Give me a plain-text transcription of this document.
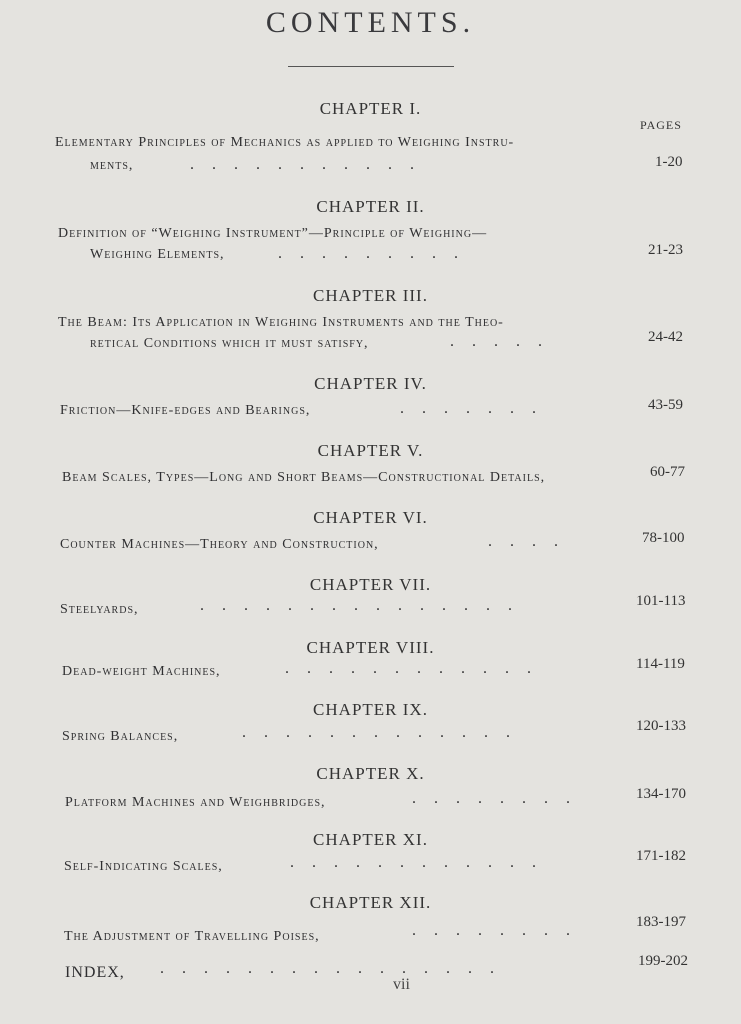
CONTENTS.
PAGES
CHAPTER I.
Elementary Principles of Mechanics as applied to Weighing Instru-
ments,	...........	1-20
CHAPTER II.
Definition of “Weighing Instrument”—Principle of Weighing—
Weighing Elements,	.........	21-23
CHAPTER III.
The Beam: Its Application in Weighing Instruments and the Theo-
retical Conditions which it must satisfy,	.....	24-42
CHAPTER IV.
Friction—Knife-edges and Bearings,	.......	43-59
CHAPTER V.
Beam Scales, Types—Long and Short Beams—Constructional Details,	60-77
CHAPTER VI.
Counter Machines—Theory and Construction,	....	78-100
CHAPTER VII.
Steelyards,	...............	101-113
CHAPTER VIII.
Dead-weight Machines,	............	114-119
CHAPTER IX.
Spring Balances,	.............	120-133
CHAPTER X.
Platform Machines and Weighbridges,	........	134-170
CHAPTER XI.
Self-Indicating Scales,	............	171-182
CHAPTER XII.
The Adjustment of Travelling Poises,	........	183-197
INDEX, ................	199-202
vii
